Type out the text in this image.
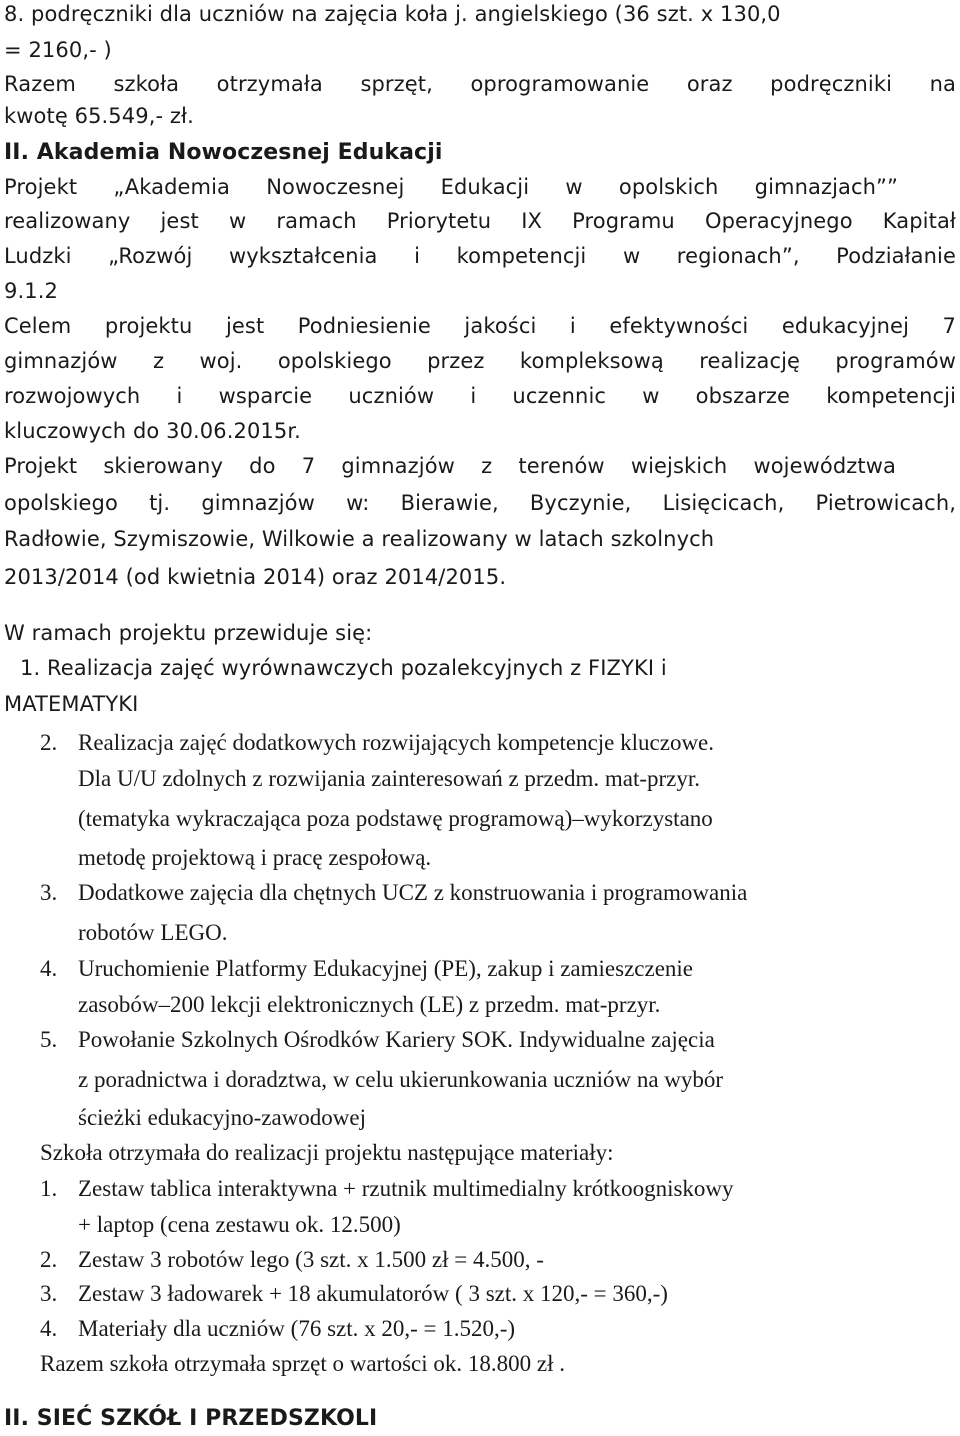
8. podręczniki dla uczniów na zajęcia koła j. angielskiego (36 szt. x 130,0
= 2160,- )
Razem szkoła otrzymała sprzęt, oprogramowanie oraz podręczniki na
kwotę 65.549,- zł.
II. Akademia Nowoczesnej Edukacji
Projekt „Akademia Nowoczesnej Edukacji w opolskich gimnazjach””
realizowany jest w ramach Priorytetu IX Programu Operacyjnego Kapitał
Ludzki „Rozwój wykształcenia i kompetencji w regionach”, Podziałanie
9.1.2
Celem projektu jest Podniesienie jakości i efektywności edukacyjnej 7
gimnazjów z woj. opolskiego przez kompleksową realizację programów
rozwojowych i wsparcie uczniów i uczennic w obszarze kompetencji
kluczowych do 30.06.2015r.
Projekt skierowany do 7 gimnazjów z terenów wiejskich województwa
opolskiego tj. gimnazjów w: Bierawie, Byczynie, Lisięcicach, Pietrowicach,
Radłowie, Szymiszowie, Wilkowie a realizowany w latach szkolnych
2013/2014 (od kwietnia 2014) oraz 2014/2015.
W ramach projektu przewiduje się:
1. Realizacja zajęć wyrównawczych pozalekcyjnych z FIZYKI i
MATEMATYKI
2. Realizacja zajęć dodatkowych rozwijających kompetencje kluczowe.
Dla U/U zdolnych z rozwijania zainteresowań z przedm. mat-przyr.
(tematyka wykraczająca poza podstawę programową)–wykorzystano
metodę projektową i pracę zespołową.
3. Dodatkowe zajęcia dla chętnych UCZ z konstruowania i programowania
robotów LEGO.
4. Uruchomienie Platformy Edukacyjnej (PE), zakup i zamieszczenie
zasobów–200 lekcji elektronicznych (LE) z przedm. mat-przyr.
5. Powołanie Szkolnych Ośrodków Kariery SOK. Indywidualne zajęcia
z poradnictwa i doradztwa, w celu ukierunkowania uczniów na wybór
ścieżki edukacyjno-zawodowej
Szkoła otrzymała do realizacji projektu następujące materiały:
1. Zestaw tablica interaktywna + rzutnik multimedialny krótkoogniskowy
+ laptop (cena zestawu ok. 12.500)
2. Zestaw 3 robotów lego (3 szt. x 1.500 zł = 4.500, -
3. Zestaw 3 ładowarek + 18 akumulatorów ( 3 szt. x 120,- = 360,-)
4. Materiały dla uczniów (76 szt. x 20,- = 1.520,-)
Razem szkoła otrzymała sprzęt o wartości ok. 18.800 zł .
II. SIEĆ SZKÓŁ I PRZEDSZKOLI
